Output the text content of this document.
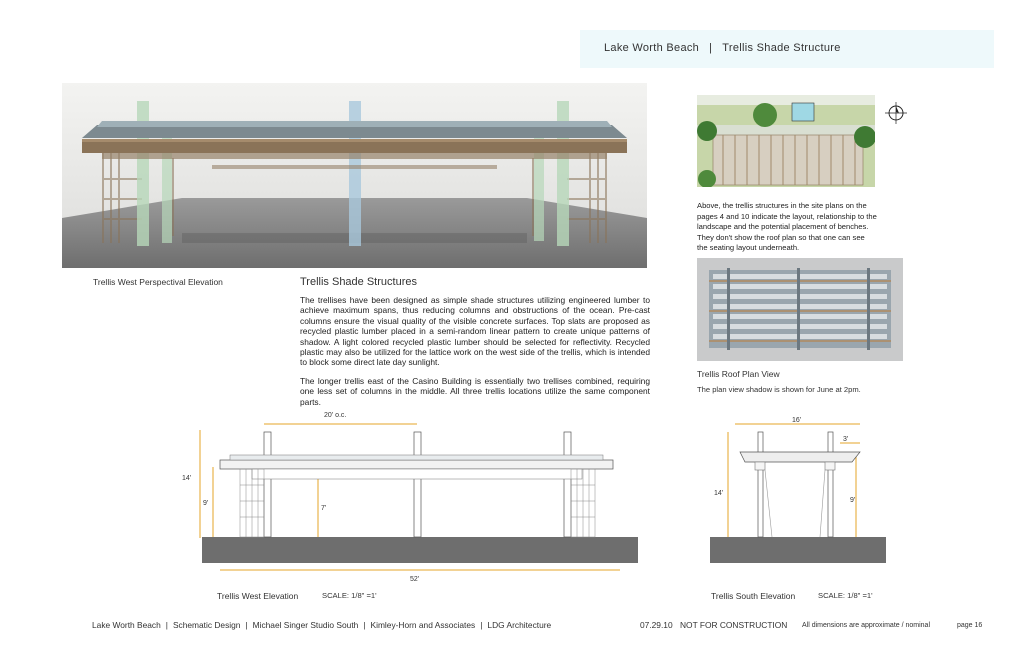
Lake Worth Beach | Trellis Shade Structure
Trellis West Perspectival Elevation
Above, the trellis structures in the site plans on the pages 4 and 10 indicate the layout, relationship to the landscape and the potential placement of benches. They don't show the roof plan so that one can see the seating layout underneath.
Trellis Roof Plan View
The plan view shadow is shown for June at 2pm.
Trellis Shade Structures
The trellises have been designed as simple shade structures utilizing engineered lumber to achieve maximum spans, thus reducing columns and obstructions of the ocean. Pre-cast columns ensure the visual quality of the visible concrete surfaces. Top slats are proposed as recycled plastic lumber placed in a semi-random linear pattern to create unique patterns of shadow. A light colored recycled plastic lumber should be selected for reflectivity. Recycled plastic may also be utilized for the lattice work on the west side of the trellis, which is intended to block some direct late day sunlight.
The longer trellis east of the Casino Building is essentially two trellises combined, requiring one less set of columns in the middle. All three trellis locations utilize the same component parts.
20' o.c.
14'
9'
7'
52'
Trellis West Elevation	SCALE: 1/8" =1'
16'
3'
14'
9'
Trellis South Elevation	SCALE: 1/8" =1'
Lake Worth Beach | Schematic Design | Michael Singer Studio South | Kimley-Horn and Associates | LDG Architecture	07.29.10 NOT FOR CONSTRUCTION All dimensions are approximate / nominal	page 16
